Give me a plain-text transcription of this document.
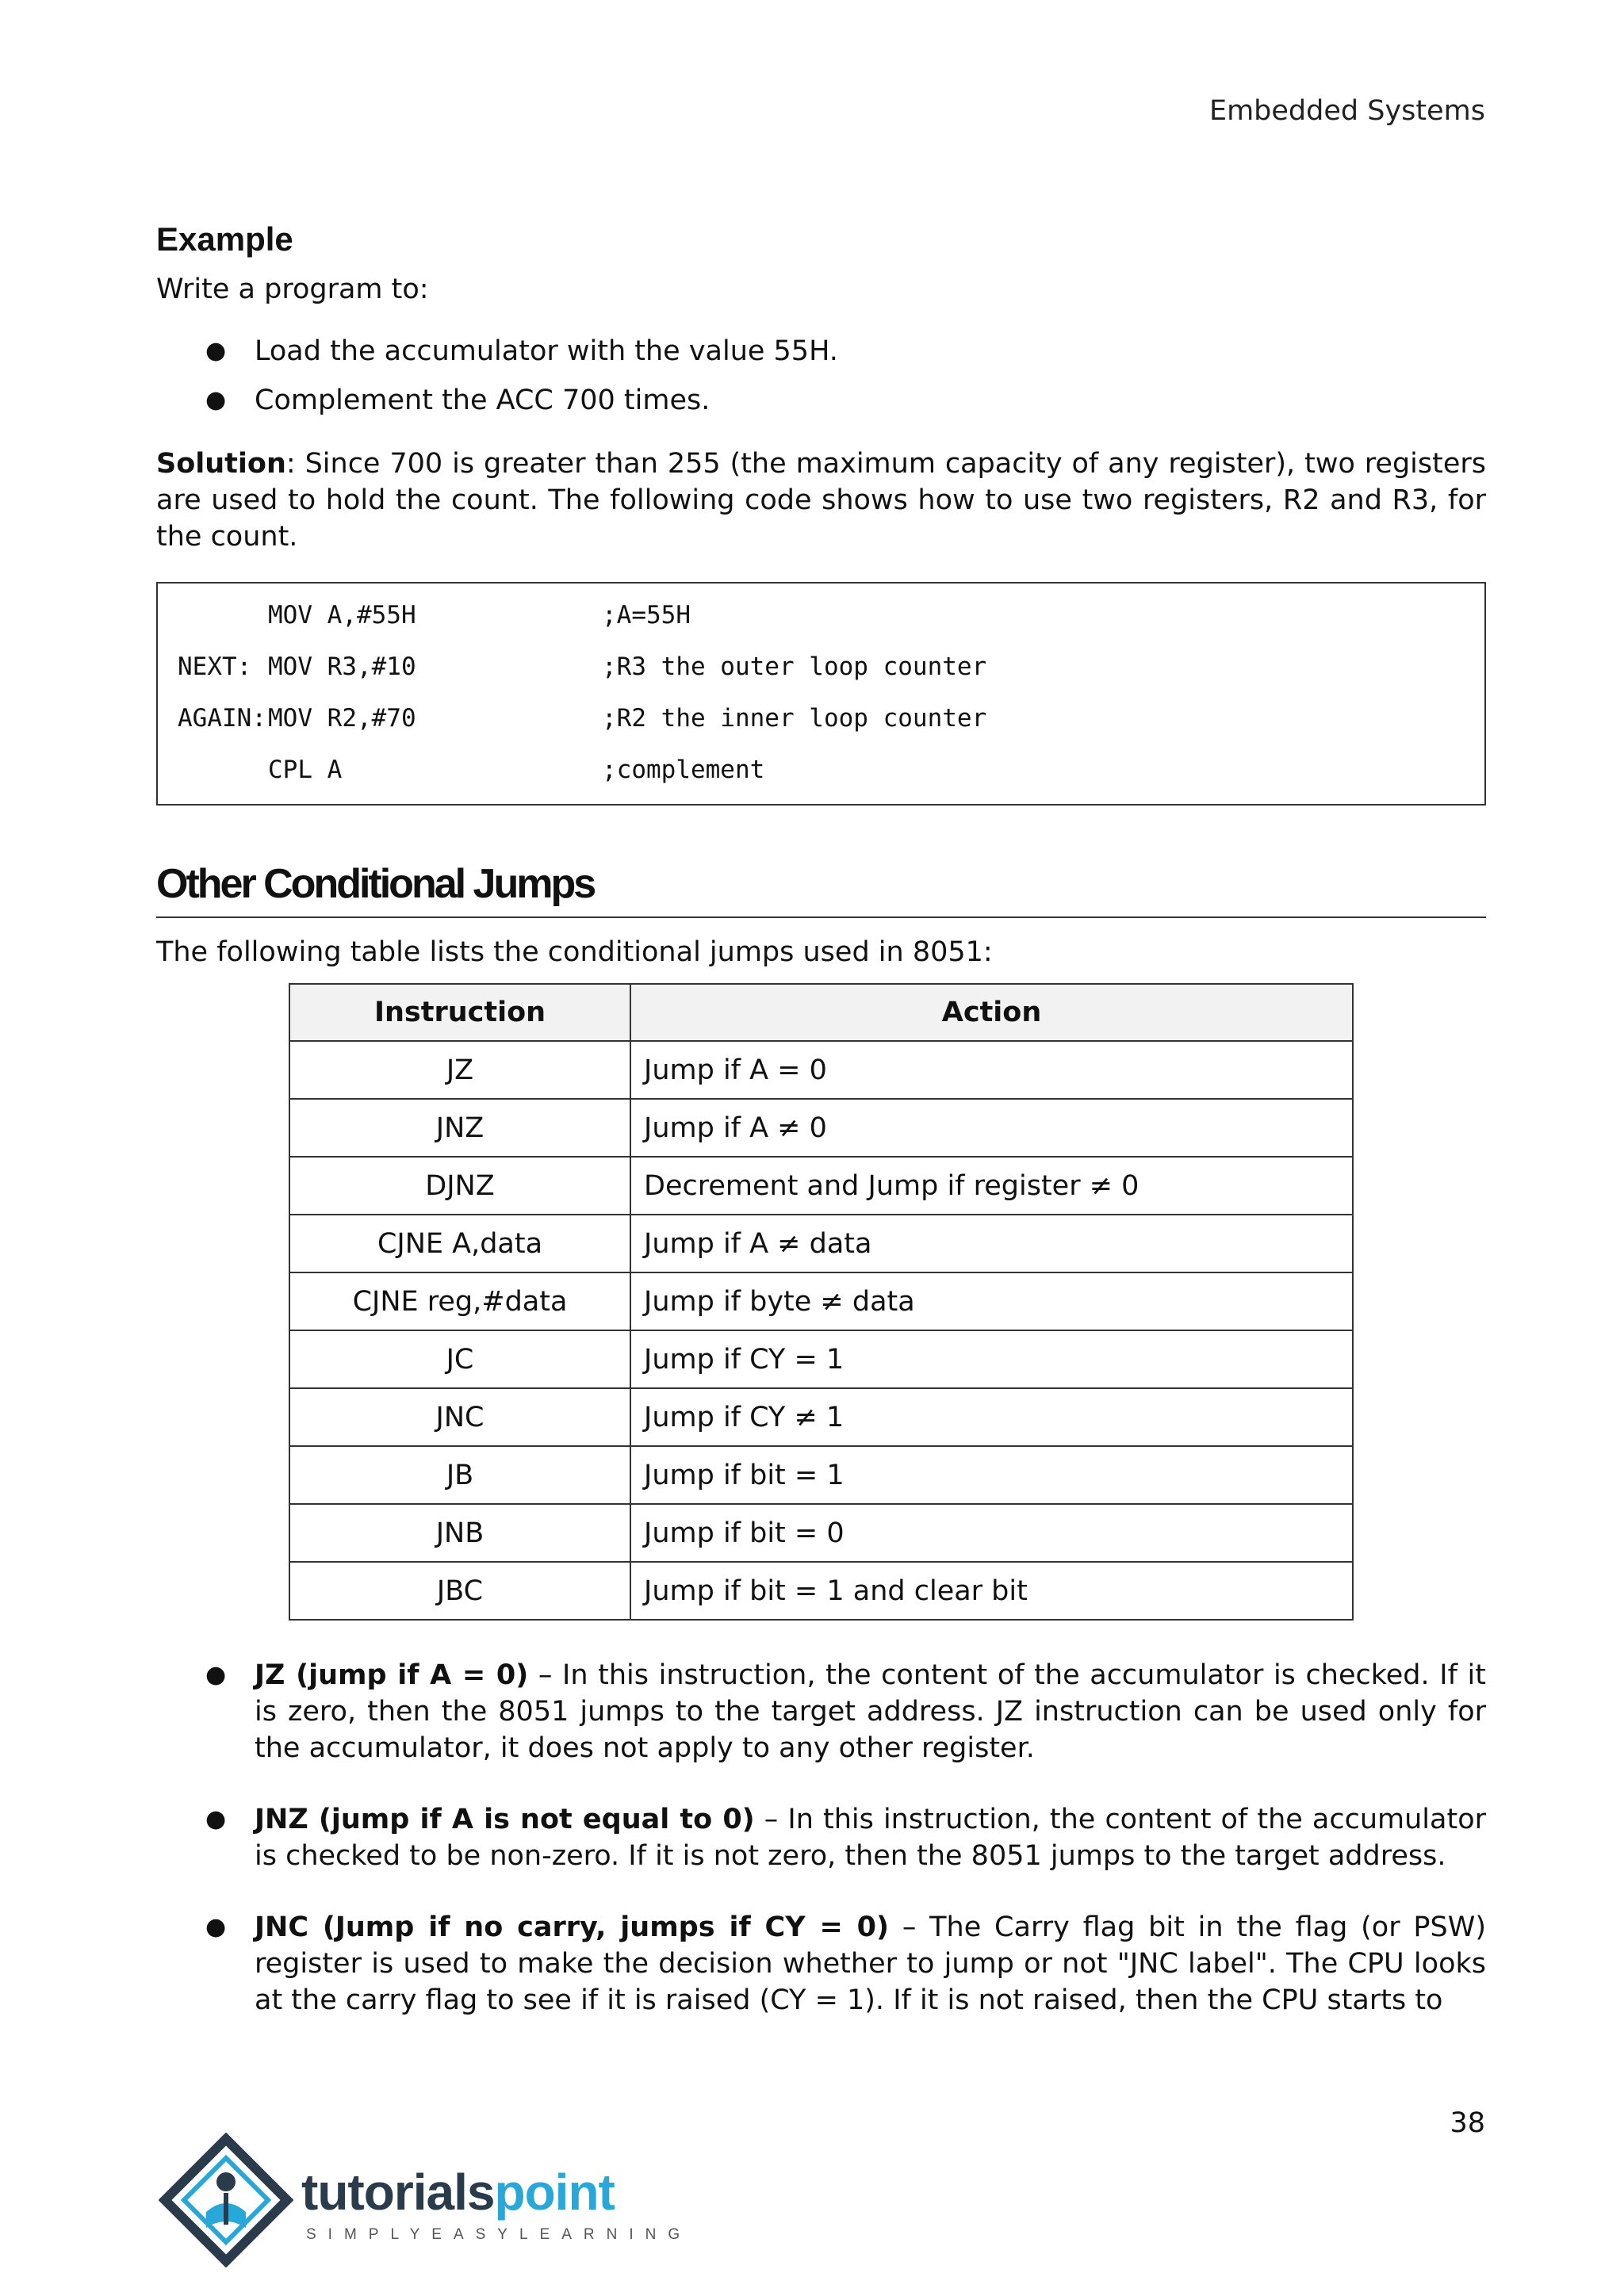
Embedded Systems
Example

Write a program to:

● Load the accumulator with the value 55H.
● Complement the ACC 700 times.

Solution: Since 700 is greater than 255 (the maximum capacity of any register), two registers are used to hold the count. The following code shows how to use two registers, R2 and R3, for the count.

MOV A,#55H	;A=55H
NEXT: MOV R3,#10	;R3 the outer loop counter
AGAIN: MOV R2,#70	;R2 the inner loop counter
CPL A	;complement
Other Conditional Jumps

The following table lists the conditional jumps used in 8051:

Instruction	Action
JZ	Jump if A = 0
JNZ	Jump if A ≠ 0
DJNZ	Decrement and Jump if register ≠ 0
CJNE A,data	Jump if A ≠ data
CJNE reg,#data	Jump if byte ≠ data
JC	Jump if CY = 1
JNC	Jump if CY ≠ 1
JB	Jump if bit = 1
JNB	Jump if bit = 0
JBC	Jump if bit = 1 and clear bit
● JZ (jump if A = 0) – In this instruction, the content of the accumulator is checked. If it is zero, then the 8051 jumps to the target address. JZ instruction can be used only for the accumulator, it does not apply to any other register.
● JNZ (jump if A is not equal to 0) – In this instruction, the content of the accumulator is checked to be non-zero. If it is not zero, then the 8051 jumps to the target address.
● JNC (Jump if no carry, jumps if CY = 0) – The Carry flag bit in the flag (or PSW) register is used to make the decision whether to jump or not "JNC label". The CPU looks at the carry flag to see if it is raised (CY = 1). If it is not raised, then the CPU starts to
38
tutorialspoint
SIMPLYEASYLEARNING
